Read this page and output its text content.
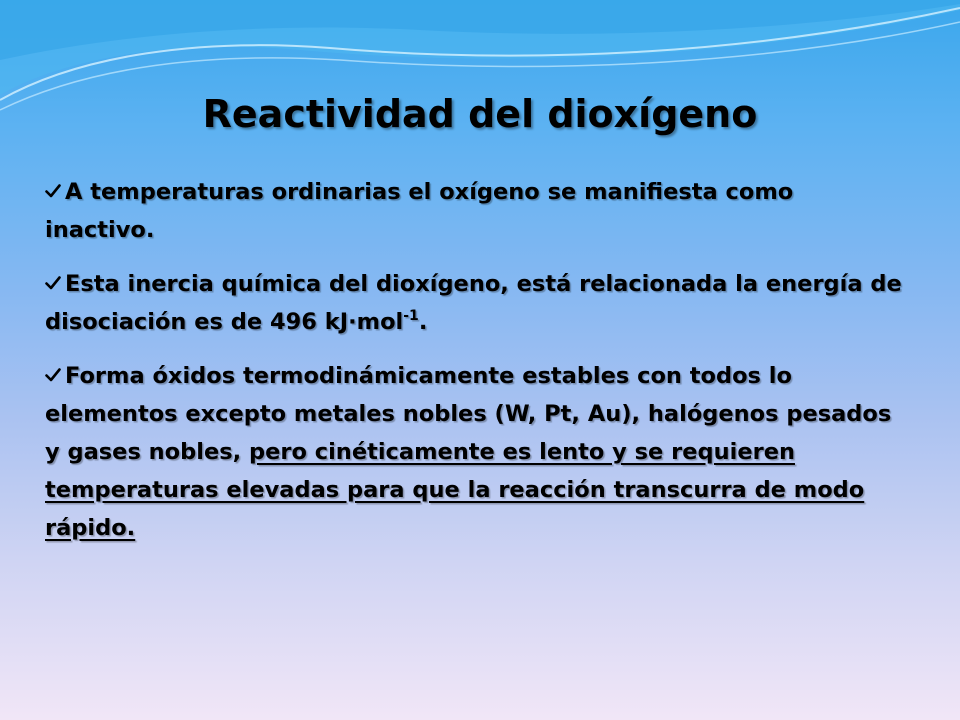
Reactividad del dioxígeno

A temperaturas ordinarias el oxígeno se manifiesta como inactivo.

Esta inercia química del dioxígeno, está relacionada la energía de disociación es de 496 kJ·mol$^{-1}$.

Forma óxidos termodinámicamente estables con todos lo elementos excepto metales nobles (W, Pt, Au), halógenos pesados y gases nobles, pero cinéticamente es lento y se requieren temperaturas elevadas para que la reacción transcurra de modo rápido.
